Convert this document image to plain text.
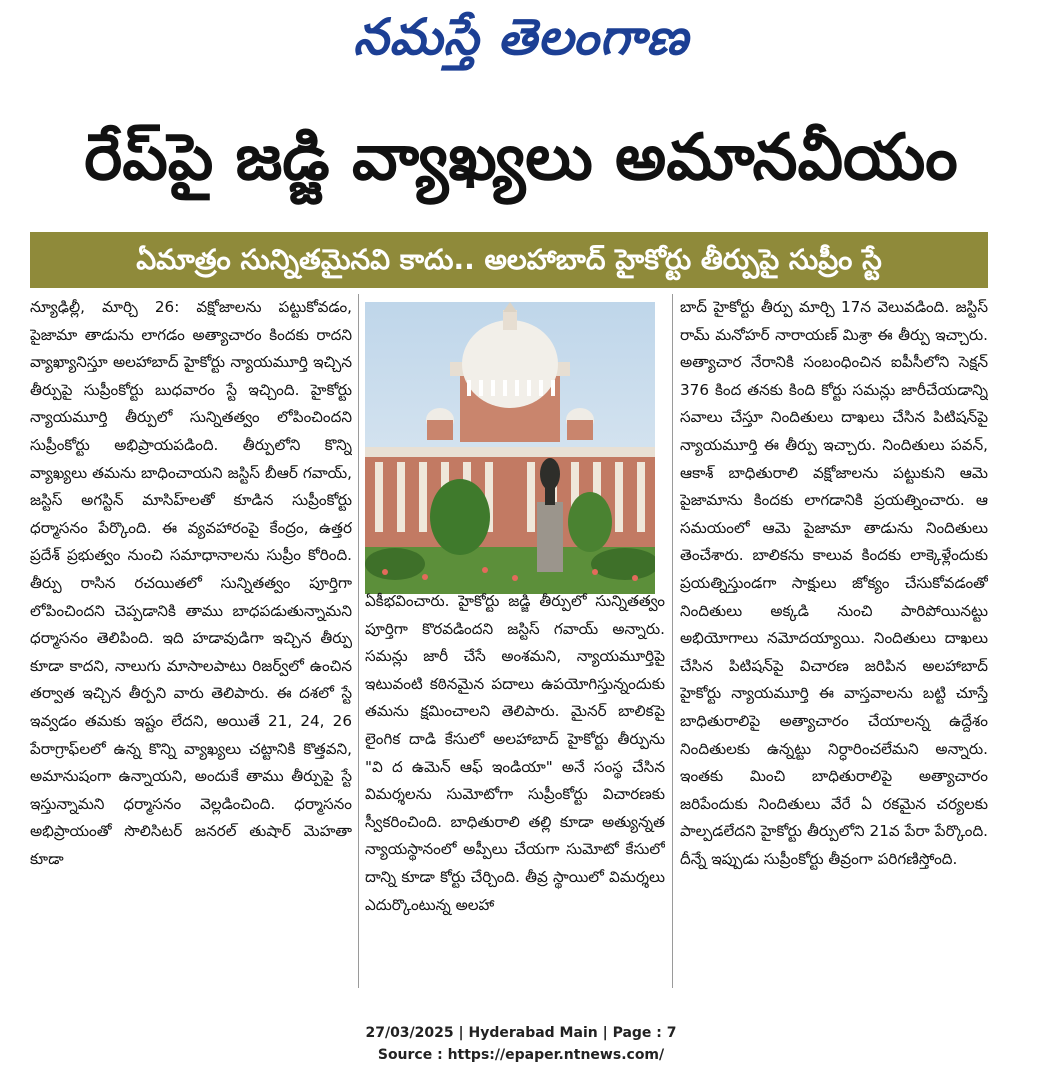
నమస్తే తెలంగాణ
రేప్‌పై జడ్జి వ్యాఖ్యలు అమానవీయం
ఏమాత్రం సున్నితమైనవి కాదు.. అలహాబాద్ హైకోర్టు తీర్పుపై సుప్రీం స్టే
న్యూఢిల్లీ, మార్చి 26: వక్షోజాలను పట్టుకోవడం, పైజామా తాడును లాగడం అత్యాచారం కిందకు రాదని వ్యాఖ్యానిస్తూ అలహాబాద్ హైకోర్టు న్యాయమూర్తి ఇచ్చిన తీర్పుపై సుప్రీంకోర్టు బుధవారం స్టే ఇచ్చింది. హైకోర్టు న్యాయమూర్తి తీర్పులో సున్నితత్వం లోపించిందని సుప్రీంకోర్టు అభిప్రాయపడింది. తీర్పులోని కొన్ని వ్యాఖ్యలు తమను బాధించాయని జస్టిస్ బీఆర్ గవాయ్, జస్టిస్ అగస్టిన్ మాసిహ్‌లతో కూడిన సుప్రీంకోర్టు ధర్మాసనం పేర్కొంది. ఈ వ్యవహారంపై కేంద్రం, ఉత్తర ప్రదేశ్ ప్రభుత్వం నుంచి సమాధానాలను సుప్రీం కోరింది. తీర్పు రాసిన రచయితలో సున్నితత్వం పూర్తిగా లోపించిందని చెప్పడానికి తాము బాధపడుతున్నామని ధర్మాసనం తెలిపింది. ఇది హడావుడిగా ఇచ్చిన తీర్పు కూడా కాదని, నాలుగు మాసాలపాటు రిజర్వ్‌లో ఉంచిన తర్వాత ఇచ్చిన తీర్పని వారు తెలిపారు. ఈ దశలో స్టే ఇవ్వడం తమకు ఇష్టం లేదని, అయితే 21, 24, 26 పేరాగ్రాఫ్‌లలో ఉన్న కొన్ని వ్యాఖ్యలు చట్టానికి కొత్తవని, అమానుషంగా ఉన్నాయని, అందుకే తాము తీర్పుపై స్టే ఇస్తున్నామని ధర్మాసనం వెల్లడించింది. ధర్మాసనం అభిప్రాయంతో సొలిసిటర్ జనరల్ తుషార్ మెహతా కూడా
ఏకీభవించారు. హైకోర్టు జడ్జి తీర్పులో సున్నితత్వం పూర్తిగా కొరవడిందని జస్టిస్ గవాయ్ అన్నారు. సమన్లు జారీ చేసే అంశమని, న్యాయమూర్తిపై ఇటువంటి కఠినమైన పదాలు ఉపయోగిస్తున్నందుకు తమను క్షమించాలని తెలిపారు. మైనర్ బాలికపై లైంగిక దాడి కేసులో అలహాబాద్ హైకోర్టు తీర్పును "వి ద ఉమెన్ ఆఫ్ ఇండియా" అనే సంస్థ చేసిన విమర్శలను సుమోటోగా సుప్రీంకోర్టు విచారణకు స్వీకరించింది. బాధితురాలి తల్లి కూడా అత్యున్నత న్యాయస్థానంలో అప్పీలు చేయగా సుమోటో కేసులో దాన్ని కూడా కోర్టు చేర్చింది. తీవ్ర స్థాయిలో విమర్శలు ఎదుర్కొంటున్న అలహా
బాద్ హైకోర్టు తీర్పు మార్చి 17న వెలువడింది. జస్టిస్ రామ్ మనోహర్ నారాయణ్ మిశ్రా ఈ తీర్పు ఇచ్చారు. అత్యాచార నేరానికి సంబంధించిన ఐపీసీలోని సెక్షన్ 376 కింద తనకు కింది కోర్టు సమన్లు జారీచేయడాన్ని సవాలు చేస్తూ నిందితులు దాఖలు చేసిన పిటిషన్‌పై న్యాయమూర్తి ఈ తీర్పు ఇచ్చారు. నిందితులు పవన్, ఆకాశ్ బాధితురాలి వక్షోజాలను పట్టుకుని ఆమె పైజామాను కిందకు లాగడానికి ప్రయత్నించారు. ఆ సమయంలో ఆమె పైజామా తాడును నిందితులు తెంచేశారు. బాలికను కాలువ కిందకు లాక్కెళ్లేందుకు ప్రయత్నిస్తుండగా సాక్షులు జోక్యం చేసుకోవడంతో నిందితులు అక్కడి నుంచి పారిపోయినట్టు అభియోగాలు నమోదయ్యాయి. నిందితులు దాఖలు చేసిన పిటిషన్‌పై విచారణ జరిపిన అలహాబాద్ హైకోర్టు న్యాయమూర్తి ఈ వాస్తవాలను బట్టి చూస్తే బాధితురాలిపై అత్యాచారం చేయాలన్న ఉద్దేశం నిందితులకు ఉన్నట్టు నిర్ధారించలేమని అన్నారు. ఇంతకు మించి బాధితురాలిపై అత్యాచారం జరిపేందుకు నిందితులు వేరే ఏ రకమైన చర్యలకు పాల్పడలేదని హైకోర్టు తీర్పులోని 21వ పేరా పేర్కొంది. దీన్నే ఇప్పుడు సుప్రీంకోర్టు తీవ్రంగా పరిగణిస్తోంది.
27/03/2025 | Hyderabad Main | Page : 7
Source : https://epaper.ntnews.com/
